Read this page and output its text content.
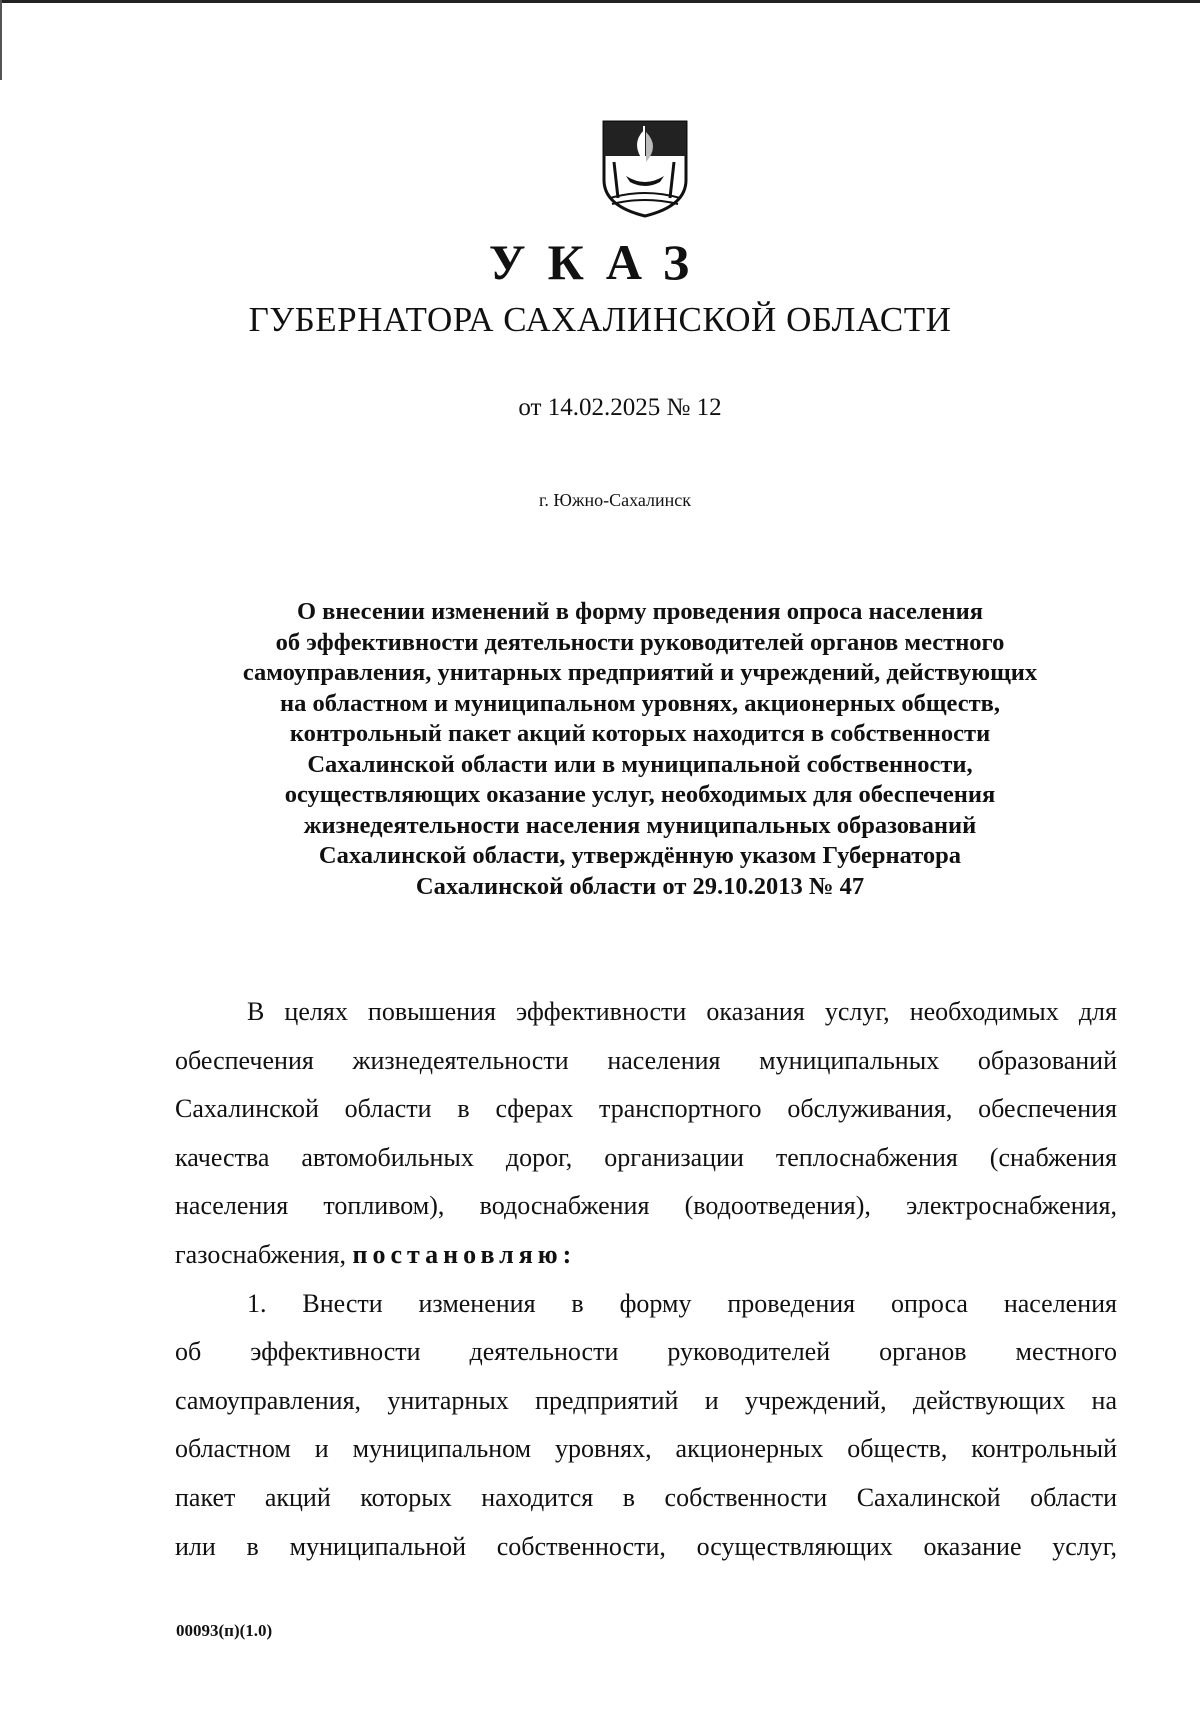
УКАЗ
ГУБЕРНАТОРА САХАЛИНСКОЙ ОБЛАСТИ
от 14.02.2025 № 12
г. Южно-Сахалинск
О внесении изменений в форму проведения опроса населения
об эффективности деятельности руководителей органов местного
самоуправления, унитарных предприятий и учреждений, действующих
на областном и муниципальном уровнях, акционерных обществ,
контрольный пакет акций которых находится в собственности
Сахалинской области или в муниципальной собственности,
осуществляющих оказание услуг, необходимых для обеспечения
жизнедеятельности населения муниципальных образований
Сахалинской области, утверждённую указом Губернатора
Сахалинской области от 29.10.2013 № 47
В целях повышения эффективности оказания услуг, необходимых для
обеспечения жизнедеятельности населения муниципальных образований
Сахалинской области в сферах транспортного обслуживания, обеспечения
качества автомобильных дорог, организации теплоснабжения (снабжения
населения топливом), водоснабжения (водоотведения), электроснабжения,
газоснабжения, постановляю:
1. Внести изменения в форму проведения опроса населения
об эффективности деятельности руководителей органов местного
самоуправления, унитарных предприятий и учреждений, действующих на
областном и муниципальном уровнях, акционерных обществ, контрольный
пакет акций которых находится в собственности Сахалинской области
или в муниципальной собственности, осуществляющих оказание услуг,
00093(п)(1.0)
